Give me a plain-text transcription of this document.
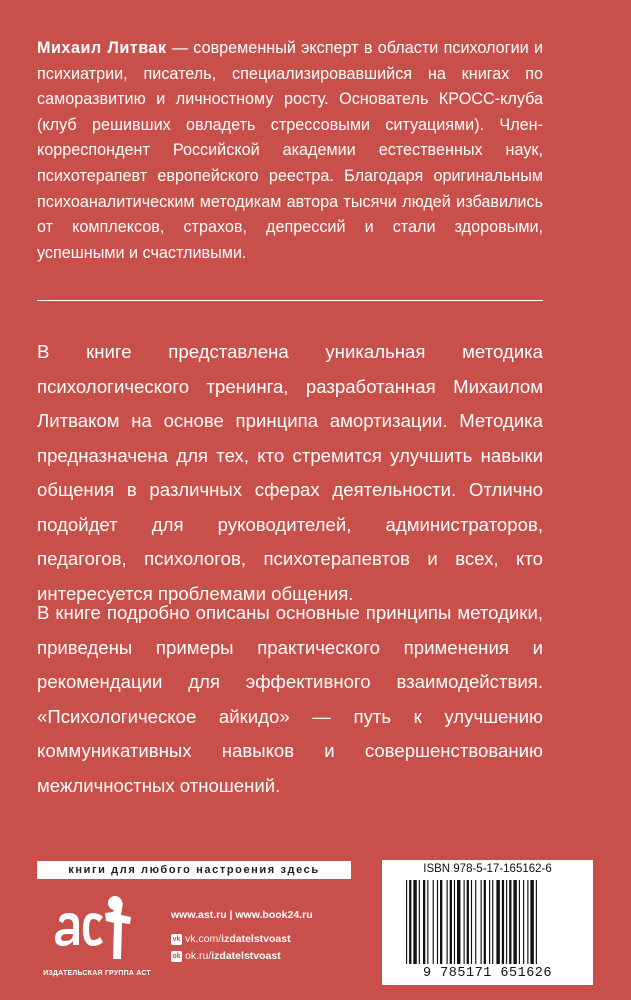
Михаил Литвак — современный эксперт в области психологии и психиатрии, писатель, специализировавшийся на книгах по саморазвитию и личностному росту. Основатель КРОСС-клуба (клуб решивших овладеть стрессовыми ситуациями). Член-корреспондент Российской академии естественных наук, психотерапевт европейского реестра. Благодаря оригинальным психоаналитическим методикам автора тысячи людей избавились от комплексов, страхов, депрессий и стали здоровыми, успешными и счастливыми.

В книге представлена уникальная методика психологического тренинга, разработанная Михаилом Литваком на основе принципа амортизации. Методика предназначена для тех, кто стремится улучшить навыки общения в различных сферах деятельности. Отлично подойдет для руководителей, администраторов, педагогов, психологов, психотерапевтов и всех, кто интересуется проблемами общения.

В книге подробно описаны основные принципы методики, приведены примеры практического применения и рекомендации для эффективного взаимодействия. «Психологическое айкидо» — путь к улучшению коммуникативных навыков и совершенствованию межличностных отношений.

книги для любого настроения здесь
ИЗДАТЕЛЬСКАЯ ГРУППА АСТ
www.ast.ru | www.book24.ru
vk vk.com/ izdatelstvoast
ok ok.ru/ izdatelstvoast
ISBN 978-5-17-165162-6
9 785171 651626
